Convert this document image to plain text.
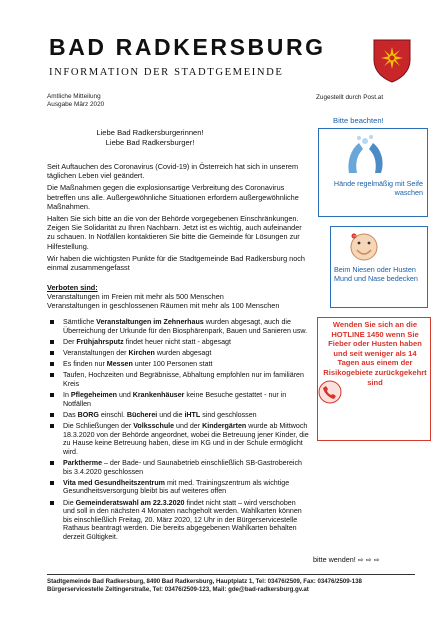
BAD RADKERSBURG
INFORMATION DER STADTGEMEINDE
Amtliche Mitteilung
Ausgabe März 2020
Zugestellt durch Post.at
Liebe Bad Radkersburgerinnen!
Liebe Bad Radkersburger!

Seit Auftauchen des Coronavirus (Covid-19) in Österreich hat sich in unserem täglichen Leben viel geändert.

Die Maßnahmen gegen die explosionsartige Verbreitung des Coronavirus betreffen uns alle. Außergewöhnliche Situationen erfordern außergewöhnliche Maßnahmen.

Halten Sie sich bitte an die von der Behörde vorgegebenen Einschränkungen. Zeigen Sie Solidarität zu Ihren Nachbarn. Jetzt ist es wichtig, auch aufeinander zu schauen. In Notfällen kontaktieren Sie bitte die Gemeinde für Lösungen zur Hilfestellung.

Wir haben die wichtigsten Punkte für die Stadtgemeinde Bad Radkersburg noch einmal zusammengefasst

Verboten sind:

Veranstaltungen im Freien mit mehr als 500 Menschen

Veranstaltungen in geschlossenen Räumen mit mehr als 100 Menschen

Sämtliche Veranstaltungen im Zehnerhaus wurden abgesagt, auch die Überreichung der Urkunde für den Biosphärenpark, Bauen und Sanieren usw.
Der Frühjahrsputz findet heuer nicht statt - abgesagt
Veranstaltungen der Kirchen wurden abgesagt
Es finden nur Messen unter 100 Personen statt
Taufen, Hochzeiten und Begräbnisse, Abhaltung empfohlen nur im familiären Kreis
In Pflegeheimen und Krankenhäuser keine Besuche gestattet - nur in Notfällen
Das BORG einschl. Bücherei und die iHTL sind geschlossen
Die Schließungen der Volksschule und der Kindergärten wurde ab Mittwoch 18.3.2020 von der Behörde angeordnet, wobei die Betreuung jener Kinder, die zu Hause keine Betreuung haben, diese im KG und in der Schule ermöglicht wird.
Parktherme – der Bade- und Saunabetrieb einschließlich SB-Gastrobereich bis 3.4.2020 geschlossen
Vita med Gesundheitszentrum mit med. Trainingszentrum als wichtige Gesundheitsversorgung bleibt bis auf weiteres offen
Die Gemeinderatswahl am 22.3.2020 findet nicht statt – wird verschoben und soll in den nächsten 4 Monaten nachgeholt werden. Wahlkarten können bis einschließlich Freitag, 20. März 2020, 12 Uhr in der Bürgerservicestelle Rathaus beantragt werden. Die bereits abgegebenen Wahlkarten behalten derzeit Gültigkeit.
Bitte beachten!
Hände regelmäßig mit Seife waschen
Beim Niesen oder Husten Mund und Nase bedecken
Wenden Sie sich an die HOTLINE 1450 wenn Sie Fieber oder Husten haben und seit weniger als 14 Tagen aus einem der Risikogebiete zurückgekehrt sind
bitte wenden! ⇨ ⇨ ⇨
Stadtgemeinde Bad Radkersburg, 8490 Bad Radkersburg, Hauptplatz 1, Tel: 03476/2509, Fax: 03476/2509-138
Bürgerservicestelle Zeltingerstraße, Tel: 03476/2509-123, Mail: gde@bad-radkersburg.gv.at
